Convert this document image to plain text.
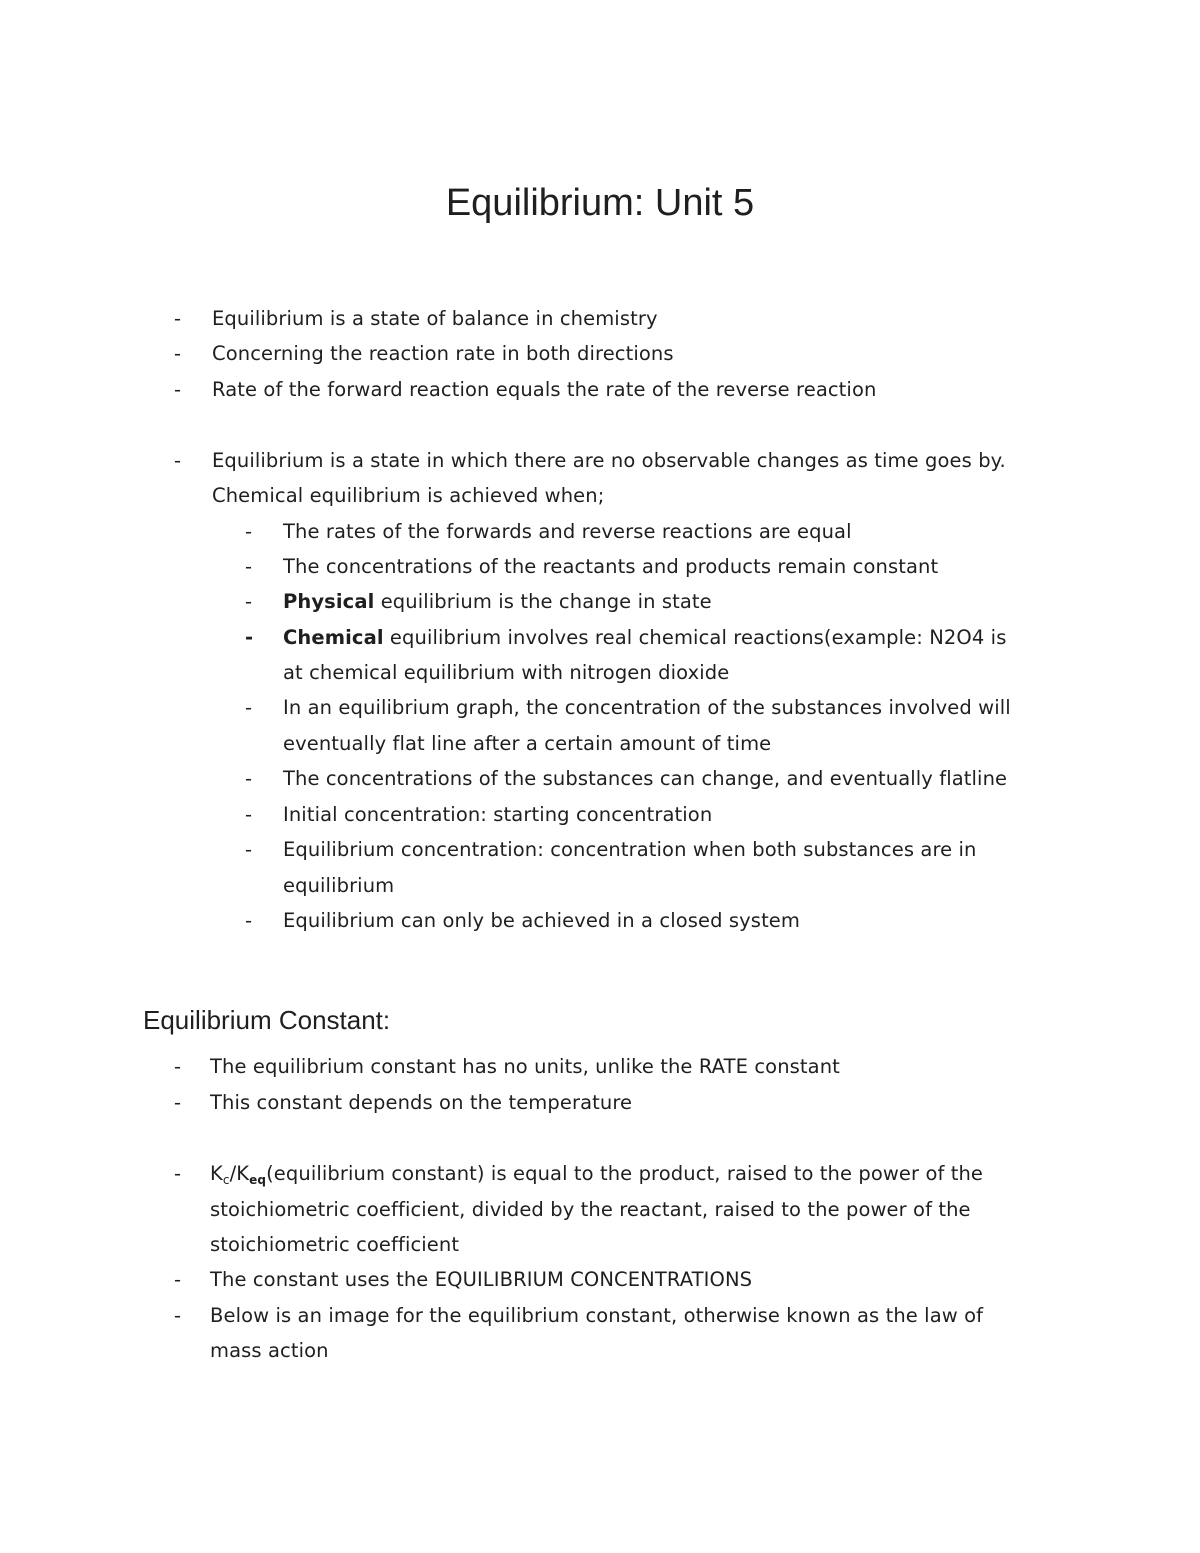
Equilibrium: Unit 5
- Equilibrium is a state of balance in chemistry
- Concerning the reaction rate in both directions
- Rate of the forward reaction equals the rate of the reverse reaction
- Equilibrium is a state in which there are no observable changes as time goes by.
Chemical equilibrium is achieved when;
- The rates of the forwards and reverse reactions are equal
- The concentrations of the reactants and products remain constant
- Physical equilibrium is the change in state
- Chemical equilibrium involves real chemical reactions(example: N2O4 is
at chemical equilibrium with nitrogen dioxide
- In an equilibrium graph, the concentration of the substances involved will
eventually flat line after a certain amount of time
- The concentrations of the substances can change, and eventually flatline
- Initial concentration: starting concentration
- Equilibrium concentration: concentration when both substances are in
equilibrium
- Equilibrium can only be achieved in a closed system
Equilibrium Constant:
- The equilibrium constant has no units, unlike the RATE constant
- This constant depends on the temperature
- $K_c/K_{eq}(equilibrium$ constant) is equal to the product, raised to the power of the
stoichiometric coefficient, divided by the reactant, raised to the power of the
stoichiometric coefficient
- The constant uses the EQUILIBRIUM CONCENTRATIONS
- Below is an image for the equilibrium constant, otherwise known as the law of
mass action
